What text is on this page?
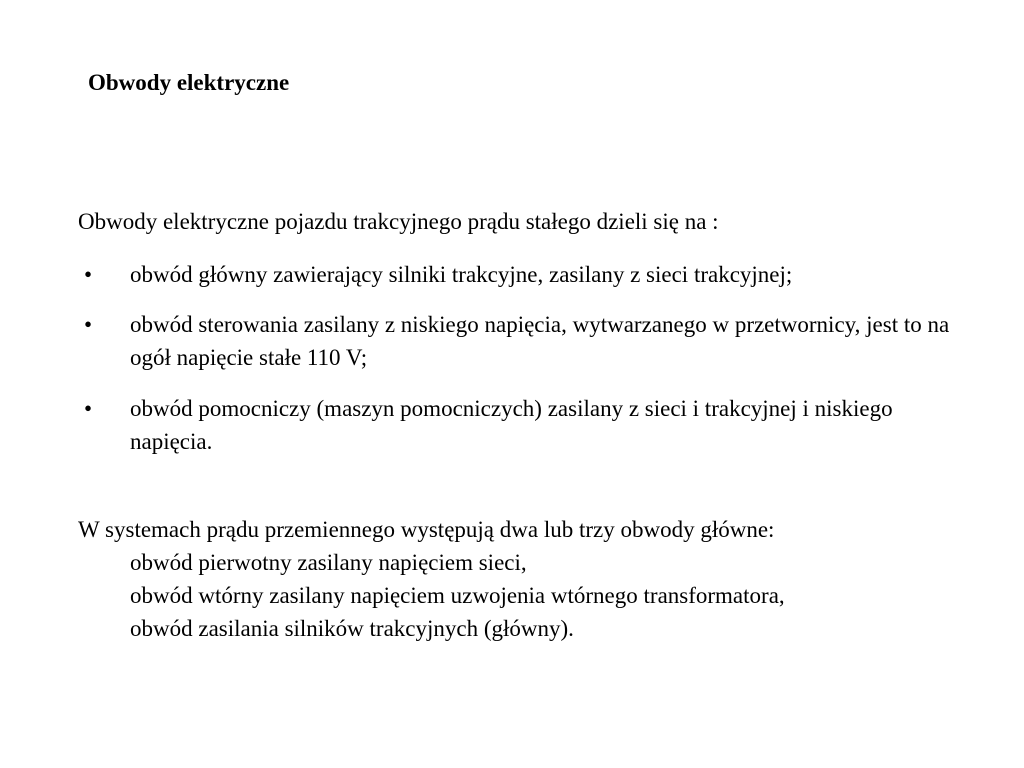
Obwody elektryczne
Obwody elektryczne pojazdu trakcyjnego prądu stałego dzieli się na :
•	obwód główny zawierający silniki trakcyjne, zasilany z sieci trakcyjnej;
•	obwód sterowania zasilany z niskiego napięcia, wytwarzanego w przetwornicy, jest to na ogół napięcie stałe 110 V;
•	obwód pomocniczy (maszyn pomocniczych) zasilany z sieci i trakcyjnej i niskiego napięcia.
W systemach prądu przemiennego występują dwa lub trzy obwody główne:
obwód pierwotny zasilany napięciem sieci,
obwód wtórny zasilany napięciem uzwojenia wtórnego transformatora,
obwód zasilania silników trakcyjnych (główny).
